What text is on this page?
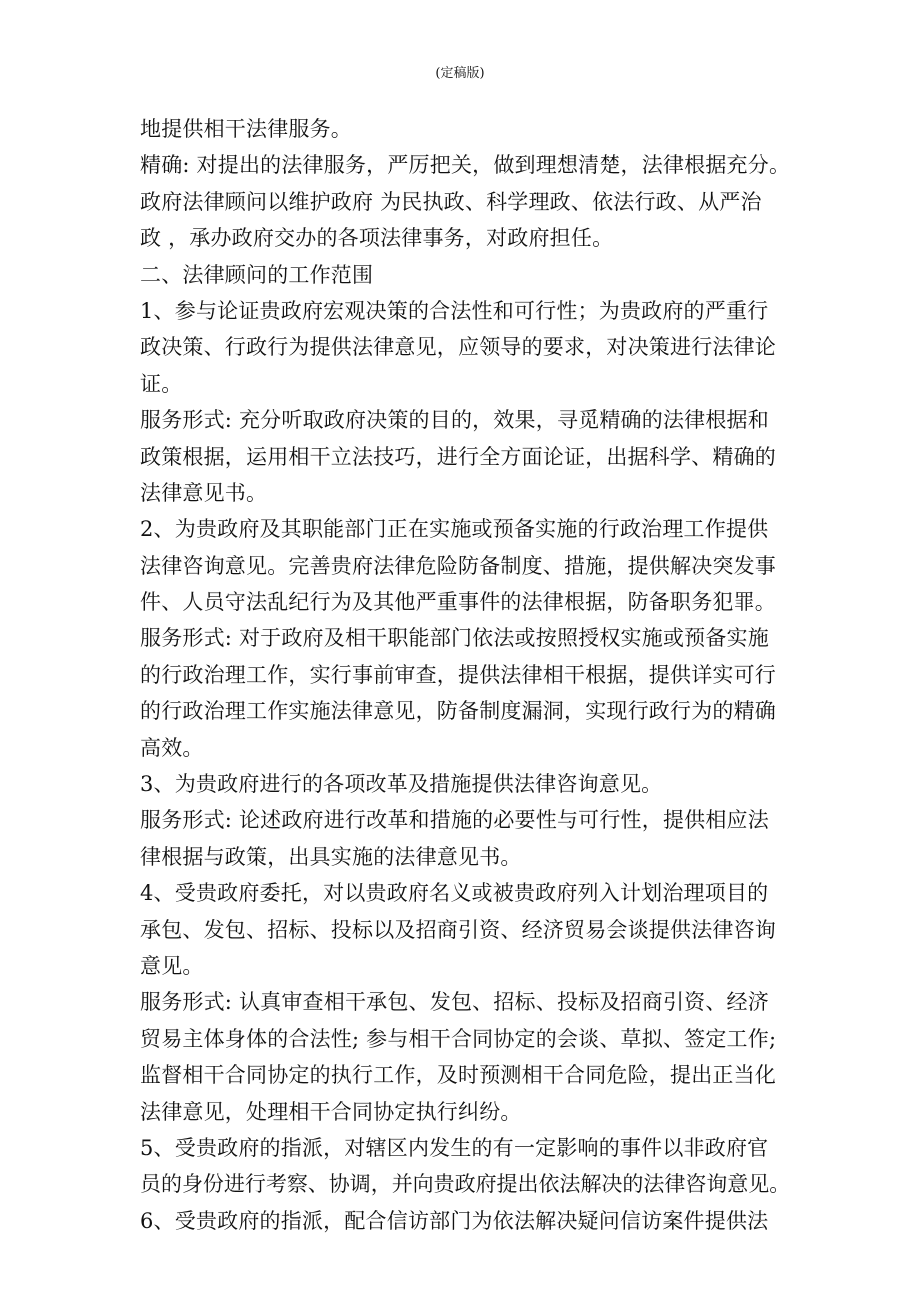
(定稿版)
地提供相干法律服务。
精确: 对提出的法律服务，严厉把关，做到理想清楚，法律根据充分。
政府法律顾问以维护政府 为民执政、科学理政、依法行政、从严治
政 ，承办政府交办的各项法律事务，对政府担任。
二、法律顾问的工作范围
1、参与论证贵政府宏观决策的合法性和可行性；为贵政府的严重行
政决策、行政行为提供法律意见，应领导的要求，对决策进行法律论
证。
服务形式: 充分听取政府决策的目的，效果，寻觅精确的法律根据和
政策根据，运用相干立法技巧，进行全方面论证，出据科学、精确的
法律意见书。
2、为贵政府及其职能部门正在实施或预备实施的行政治理工作提供
法律咨询意见。完善贵府法律危险防备制度、措施，提供解决突发事
件、人员守法乱纪行为及其他严重事件的法律根据，防备职务犯罪。
服务形式: 对于政府及相干职能部门依法或按照授权实施或预备实施
的行政治理工作，实行事前审查，提供法律相干根据，提供详实可行
的行政治理工作实施法律意见，防备制度漏洞，实现行政行为的精确
高效。
3、为贵政府进行的各项改革及措施提供法律咨询意见。
服务形式: 论述政府进行改革和措施的必要性与可行性，提供相应法
律根据与政策，出具实施的法律意见书。
4、受贵政府委托，对以贵政府名义或被贵政府列入计划治理项目的
承包、发包、招标、投标以及招商引资、经济贸易会谈提供法律咨询
意见。
服务形式: 认真审查相干承包、发包、招标、投标及招商引资、经济
贸易主体身体的合法性; 参与相干合同协定的会谈、草拟、签定工作;
监督相干合同协定的执行工作，及时预测相干合同危险，提出正当化
法律意见，处理相干合同协定执行纠纷。
5、受贵政府的指派，对辖区内发生的有一定影响的事件以非政府官
员的身份进行考察、协调，并向贵政府提出依法解决的法律咨询意见。
6、受贵政府的指派，配合信访部门为依法解决疑问信访案件提供法
